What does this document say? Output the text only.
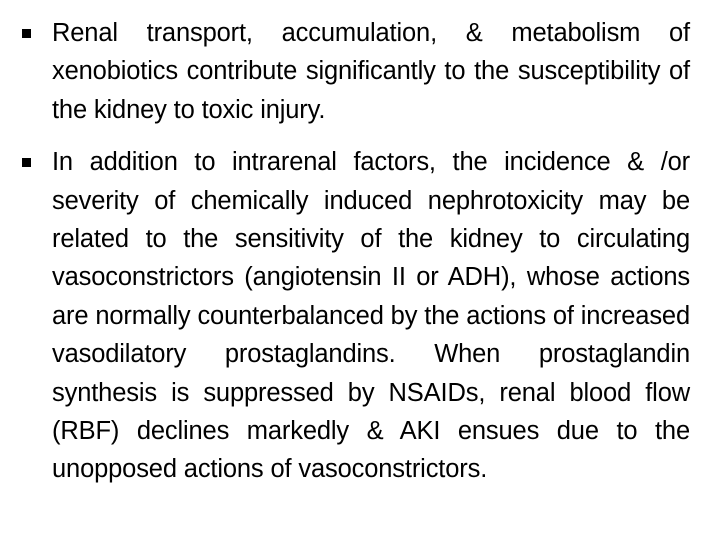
Renal transport, accumulation, & metabolism of xenobiotics contribute significantly to the susceptibility of the kidney to toxic injury.
In addition to intrarenal factors, the incidence & /or severity of chemically induced nephrotoxicity may be related to the sensitivity of the kidney to circulating vasoconstrictors (angiotensin II or ADH), whose actions are normally counterbalanced by the actions of increased vasodilatory prostaglandins. When prostaglandin synthesis is suppressed by NSAIDs, renal blood flow (RBF) declines markedly & AKI ensues due to the unopposed actions of vasoconstrictors.
